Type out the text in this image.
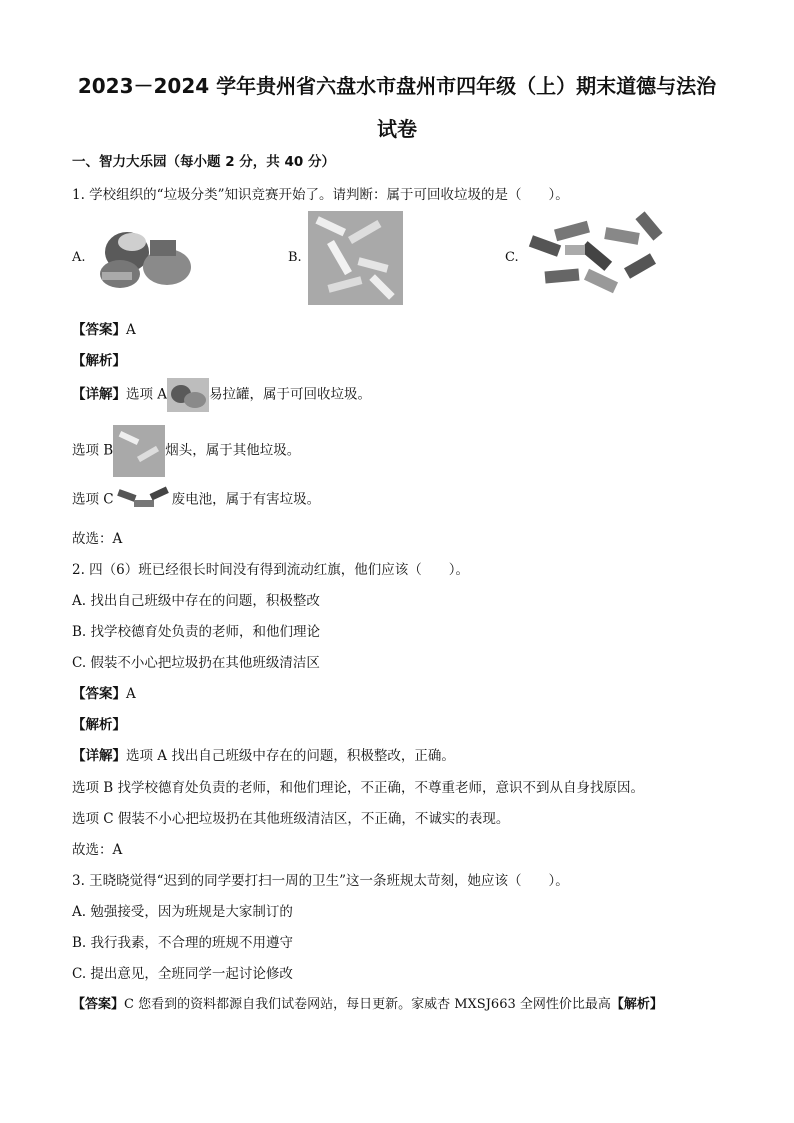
2023－2024 学年贵州省六盘水市盘州市四年级（上）期末道德与法治
试卷
一、智力大乐园（每小题 2 分，共 40 分）
1. 学校组织的“垃圾分类”知识竞赛开始了。请判断：属于可回收垃圾的是（　　）。
A.	B.	C.
【答案】A
【解析】
【详解】选项 A	易拉罐，属于可回收垃圾。
选项 B	烟头，属于其他垃圾。
选项 C	废电池，属于有害垃圾。
故选：A
2. 四（6）班已经很长时间没有得到流动红旗，他们应该（　　）。
A. 找出自己班级中存在的问题，积极整改
B. 找学校德育处负责的老师，和他们理论
C. 假装不小心把垃圾扔在其他班级清洁区
【答案】A
【解析】
【详解】选项 A 找出自己班级中存在的问题，积极整改，正确。
选项 B 找学校德育处负责的老师，和他们理论，不正确，不尊重老师，意识不到从自身找原因。
选项 C 假装不小心把垃圾扔在其他班级清洁区，不正确，不诚实的表现。
故选：A
3. 王晓晓觉得“迟到的同学要打扫一周的卫生”这一条班规太苛刻，她应该（　　）。
A. 勉强接受，因为班规是大家制订的
B. 我行我素，不合理的班规不用遵守
C. 提出意见，全班同学一起讨论修改
【答案】C 您看到的资料都源自我们试卷网站，每日更新。家威杏 MXSJ663 全网性价比最高【解析】
